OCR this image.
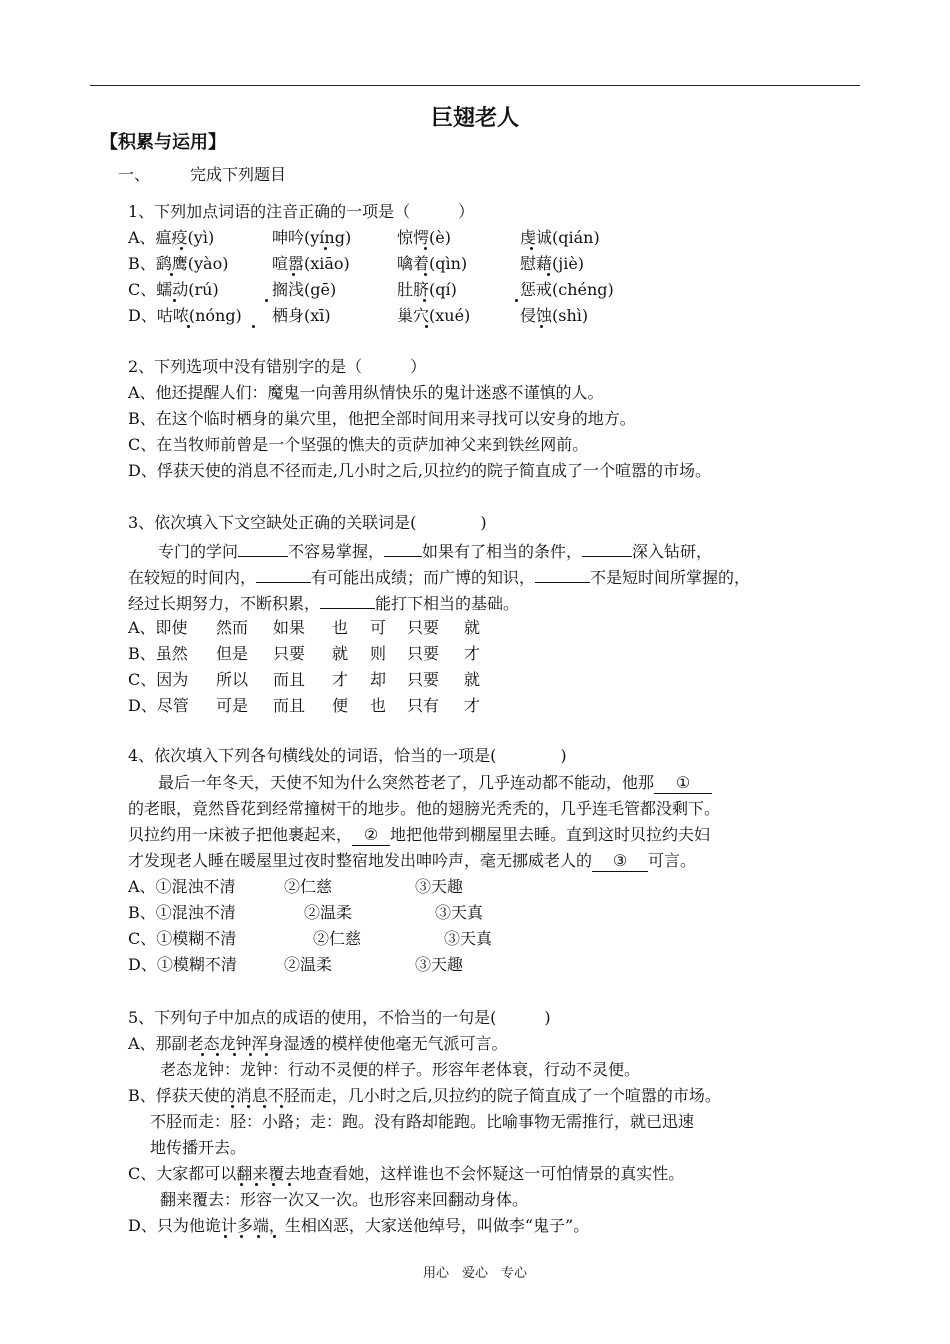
巨翅老人
【积累与运用】
一、 完成下列题目
1、下列加点词语的注音正确的一项是（　　　）
A、瘟疫(yì)	呻吟(yíng)	惊愕(è)	虔诚(qián)
B、鹞鹰(yào)	喧嚣(xiāo)	噙着(qìn)	慰藉(jiè)
C、蠕动(rú)	搁浅(gē)	肚脐(qí)	惩戒(chéng)
D、咕哝(nóng) 栖身(xī)	巢穴(xué)	侵蚀(shì)
2、下列选项中没有错别字的是（　　　）
A、他还提醒人们：魔鬼一向善用纵情快乐的鬼计迷惑不谨慎的人。
B、在这个临时栖身的巢穴里，他把全部时间用来寻找可以安身的地方。
C、在当牧师前曾是一个坚强的憔夫的贡萨加神父来到铁丝网前。
D、俘获天使的消息不径而走,几小时之后,贝拉约的院子简直成了一个喧嚣的市场。
3、依次填入下文空缺处正确的关联词是(　　　　)
专门的学问	不容易掌握， 如果有了相当的条件，	深入钻研，
在较短的时间内，	有可能出成绩；而广博的知识，	不是短时间所掌握的，
经过长期努力，不断积累，	能打下相当的基础。
A、即使 然而 如果 也 可 只要 就
B、虽然 但是 只要 就 则 只要 才
C、因为 所以 而且 才 却 只要 就
D、尽管 可是 而且 便 也 只有 才
4、依次填入下列各句横线处的词语，恰当的一项是(　　　　)
最后一年冬天，天使不知为什么突然苍老了，几乎连动都不能动，他那 ①
的老眼，竟然昏花到经常撞树干的地步。他的翅膀光秃秃的，几乎连毛管都没剩下。
贝拉约用一床被子把他裹起来， ② 地把他带到棚屋里去睡。直到这时贝拉约夫妇
才发现老人睡在暖屋里过夜时整宿地发出呻吟声，毫无挪威老人的 ③ 可言。
A、①混浊不清	②仁慈	③天趣
B、①混浊不清	②温柔	③天真
C、①模糊不清	②仁慈	③天真
D、①模糊不清	②温柔	③天趣
5、下列句子中加点的成语的使用，不恰当的一句是(　　　)
A、那副老态龙钟浑身湿透的模样使他毫无气派可言。
老态龙钟：龙钟：行动不灵便的样子。形容年老体衰，行动不灵便。
B、俘获天使的消息不胫而走，几小时之后,贝拉约的院子简直成了一个喧嚣的市场。
不胫而走：胫：小路；走：跑。没有路却能跑。比喻事物无需推行，就已迅速
地传播开去。
C、大家都可以翻来覆去地查看她，这样谁也不会怀疑这一可怕情景的真实性。
翻来覆去：形容一次又一次。也形容来回翻动身体。
D、只为他诡计多端，生相凶恶，大家送他绰号，叫做李“鬼子”。
用心　爱心　专心
